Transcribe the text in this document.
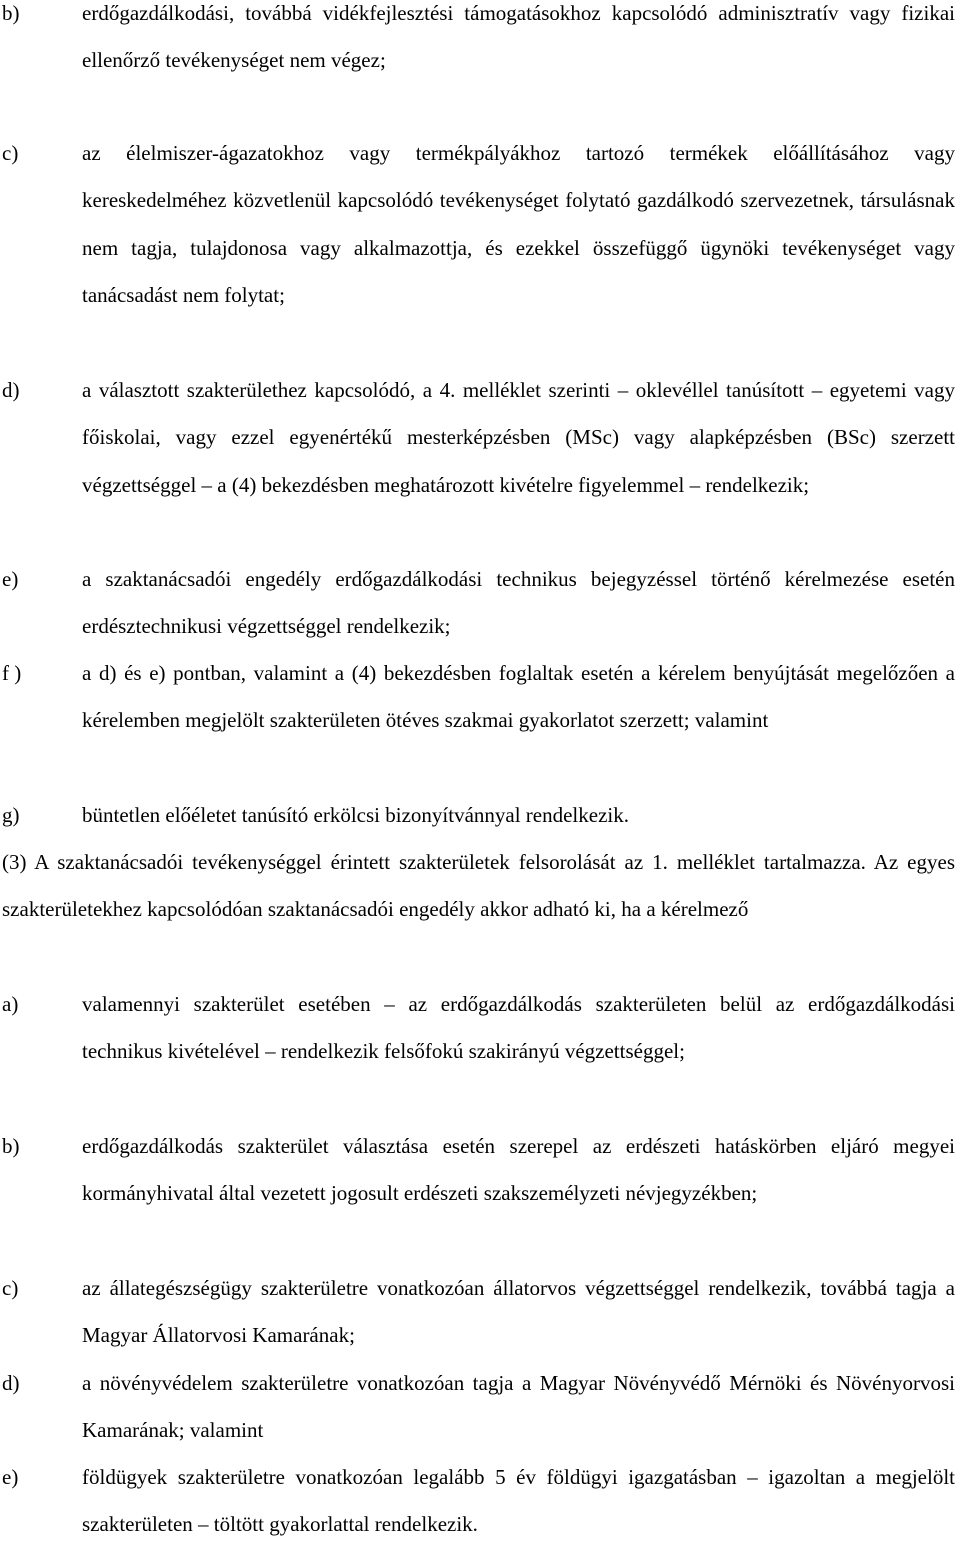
b)	erdőgazdálkodási, továbbá vidékfejlesztési támogatásokhoz kapcsolódó adminisztratív vagy fizikai ellenőrző tevékenységet nem végez;
c)	az élelmiszer-ágazatokhoz vagy termékpályákhoz tartozó termékek előállításához vagy kereskedelméhez közvetlenül kapcsolódó tevékenységet folytató gazdálkodó szervezetnek, társulásnak nem tagja, tulajdonosa vagy alkalmazottja, és ezekkel összefüggő ügynöki tevékenységet vagy tanácsadást nem folytat;
d)	a választott szakterülethez kapcsolódó, a 4. melléklet szerinti – oklevéllel tanúsított – egyetemi vagy főiskolai, vagy ezzel egyenértékű mesterképzésben (MSc) vagy alapképzésben (BSc) szerzett végzettséggel – a (4) bekezdésben meghatározott kivételre figyelemmel – rendelkezik;
e)	a szaktanácsadói engedély erdőgazdálkodási technikus bejegyzéssel történő kérelmezése esetén erdésztechnikusi végzettséggel rendelkezik;
f )	a d) és e) pontban, valamint a (4) bekezdésben foglaltak esetén a kérelem benyújtását megelőzően a kérelemben megjelölt szakterületen ötéves szakmai gyakorlatot szerzett; valamint
g)	büntetlen előéletet tanúsító erkölcsi bizonyítvánnyal rendelkezik.
(3) A szaktanácsadói tevékenységgel érintett szakterületek felsorolását az 1. melléklet tartalmazza. Az egyes szakterületekhez kapcsolódóan szaktanácsadói engedély akkor adható ki, ha a kérelmező
a)	valamennyi szakterület esetében – az erdőgazdálkodás szakterületen belül az erdőgazdálkodási technikus kivételével – rendelkezik felsőfokú szakirányú végzettséggel;
b)	erdőgazdálkodás szakterület választása esetén szerepel az erdészeti hatáskörben eljáró megyei kormányhivatal által vezetett jogosult erdészeti szakszemélyzeti névjegyzékben;
c)	az állategészségügy szakterületre vonatkozóan állatorvos végzettséggel rendelkezik, továbbá tagja a Magyar Állatorvosi Kamarának;
d)	a növényvédelem szakterületre vonatkozóan tagja a Magyar Növényvédő Mérnöki és Növényorvosi Kamarának; valamint
e)	földügyek szakterületre vonatkozóan legalább 5 év földügyi igazgatásban – igazoltan a megjelölt szakterületen – töltött gyakorlattal rendelkezik.
